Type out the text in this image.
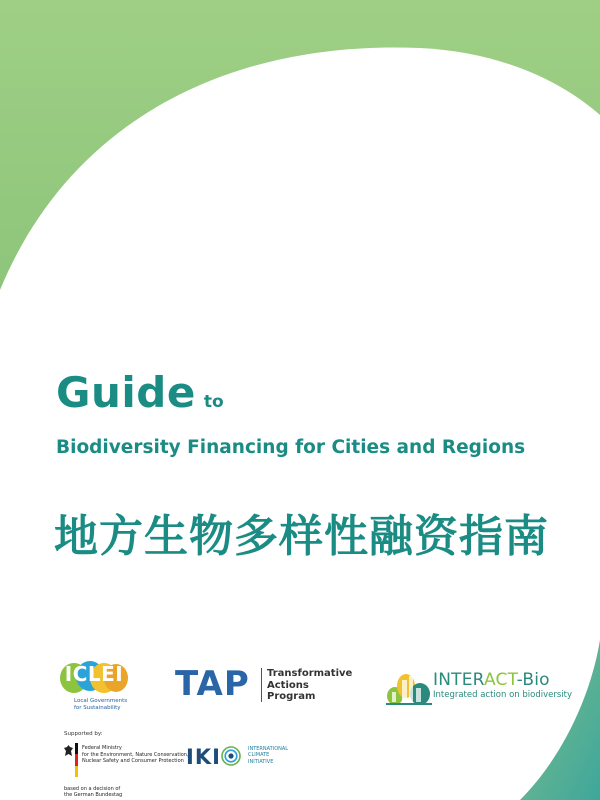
Guide to
Biodiversity Financing for Cities and Regions
地方生物多样性融资指南
ICLEI
Local Governments
for Sustainability
TAP Transformative
Actions
Program
INTERACT-Bio
Integrated action on biodiversity
Supported by:
Federal Ministry
for the Environment, Nature Conservation,
Nuclear Safety and Consumer Protection
based on a decision of
the German Bundestag
IKI	INTERNATIONAL
CLIMATE
INITIATIVE
